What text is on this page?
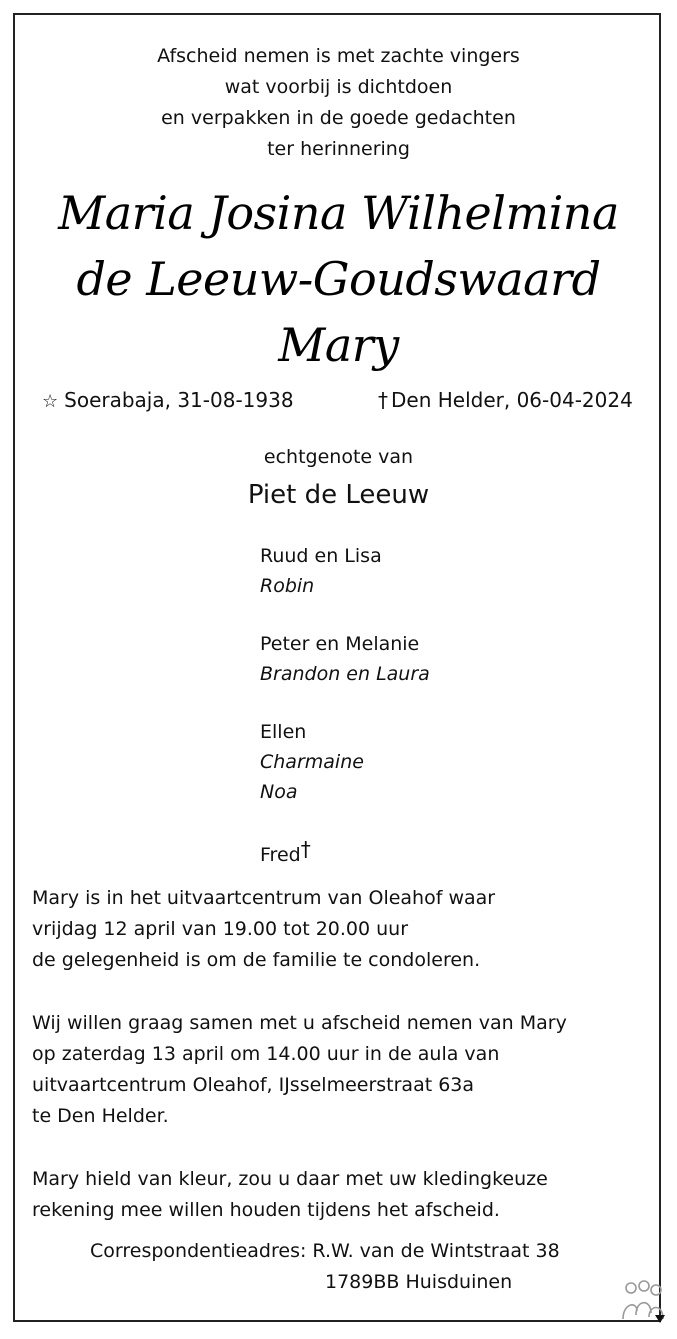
Afscheid nemen is met zachte vingers
wat voorbij is dichtdoen
en verpakken in de goede gedachten
ter herinnering
Maria Josina Wilhelmina
de Leeuw-Goudswaard
Mary
☆ Soerabaja, 31-08-1938	† Den Helder, 06-04-2024
echtgenote van
Piet de Leeuw
Ruud en Lisa
Robin
Peter en Melanie
Brandon en Laura
Ellen
Charmaine
Noa
Fred†
Mary is in het uitvaartcentrum van Oleahof waar
vrijdag 12 april van 19.00 tot 20.00 uur
de gelegenheid is om de familie te condoleren.
Wij willen graag samen met u afscheid nemen van Mary
op zaterdag 13 april om 14.00 uur in de aula van
uitvaartcentrum Oleahof, IJsselmeerstraat 63a
te Den Helder.
Mary hield van kleur, zou u daar met uw kledingkeuze
rekening mee willen houden tijdens het afscheid.
Correspondentieadres: R.W. van de Wintstraat 38
1789BB Huisduinen
